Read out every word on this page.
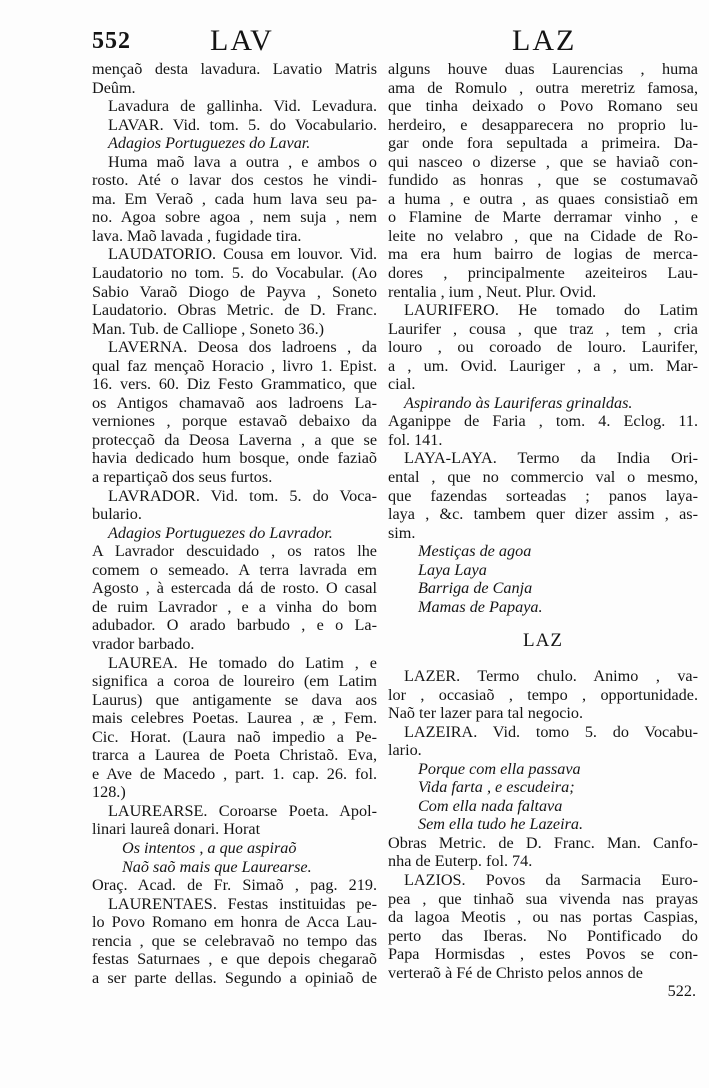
552	LAV	LAZ
mençaõ desta lavadura. Lavatio Matris
Deûm.
Lavadura de gallinha. Vid. Levadura.
LAVAR. Vid. tom. 5. do Vocabulario.
Adagios Portuguezes do Lavar.
Huma maõ lava a outra , e ambos o
rosto. Até o lavar dos cestos he vindi-
ma. Em Veraõ , cada hum lava seu pa-
no. Agoa sobre agoa , nem suja , nem
lava. Maõ lavada , fugidade tira.
LAUDATORIO. Cousa em louvor. Vid.
Laudatorio no tom. 5. do Vocabular. (Ao
Sabio Varaõ Diogo de Payva , Soneto
Laudatorio. Obras Metric. de D. Franc.
Man. Tub. de Calliope , Soneto 36.)
LAVERNA. Deosa dos ladroens , da
qual faz mençaõ Horacio , livro 1. Epist.
16. vers. 60. Diz Festo Grammatico, que
os Antigos chamavaõ aos ladroens La-
verniones , porque estavaõ debaixo da
protecçaõ da Deosa Laverna , a que se
havia dedicado hum bosque, onde faziaõ
a repartiçaõ dos seus furtos.
LAVRADOR. Vid. tom. 5. do Voca-
bulario.
Adagios Portuguezes do Lavrador.
A Lavrador descuidado , os ratos lhe
comem o semeado. A terra lavrada em
Agosto , à estercada dá de rosto. O casal
de ruim Lavrador , e a vinha do bom
adubador. O arado barbudo , e o La-
vrador barbado.
LAUREA. He tomado do Latim , e
significa a coroa de loureiro (em Latim
Laurus) que antigamente se dava aos
mais celebres Poetas. Laurea , æ , Fem.
Cic. Horat. (Laura naõ impedio a Pe-
trarca a Laurea de Poeta Christaõ. Eva,
e Ave de Macedo , part. 1. cap. 26. fol.
128.)
LAUREARSE. Coroarse Poeta. Apol-
linari laureâ donari. Horat
Os intentos , a que aspiraõ
Naõ saõ mais que Laurearse.
Oraç. Acad. de Fr. Simaõ , pag. 219.
LAURENTAES. Festas instituidas pe-
lo Povo Romano em honra de Acca Lau-
rencia , que se celebravaõ no tempo das
festas Saturnaes , e que depois chegaraõ
a ser parte dellas. Segundo a opiniaõ de
alguns houve duas Laurencias , huma
ama de Romulo , outra meretriz famosa,
que tinha deixado o Povo Romano seu
herdeiro, e desapparecera no proprio lu-
gar onde fora sepultada a primeira. Da-
qui nasceo o dizerse , que se haviaõ con-
fundido as honras , que se costumavaõ
a huma , e outra , as quaes consistiaõ em
o Flamine de Marte derramar vinho , e
leite no velabro , que na Cidade de Ro-
ma era hum bairro de logias de merca-
dores , principalmente azeiteiros Lau-
rentalia , ium , Neut. Plur. Ovid.
LAURIFERO. He tomado do Latim
Laurifer , cousa , que traz , tem , cria
louro , ou coroado de louro. Laurifer,
a , um. Ovid. Lauriger , a , um. Mar-
cial.
Aspirando às Lauriferas grinaldas.
Aganippe de Faria , tom. 4. Eclog. 11.
fol. 141.
LAYA-LAYA. Termo da India Ori-
ental , que no commercio val o mesmo,
que fazendas sorteadas ; panos laya-
laya , &c. tambem quer dizer assim , as-
sim.
Mestiças de agoa
Laya Laya
Barriga de Canja
Mamas de Papaya.
LAZ
LAZER. Termo chulo. Animo , va-
lor , occasiaõ , tempo , opportunidade.
Naõ ter lazer para tal negocio.
LAZEIRA. Vid. tomo 5. do Vocabu-
lario.
Porque com ella passava
Vida farta , e escudeira;
Com ella nada faltava
Sem ella tudo he Lazeira.
Obras Metric. de D. Franc. Man. Canfo-
nha de Euterp. fol. 74.
LAZIOS. Povos da Sarmacia Euro-
pea , que tinhaõ sua vivenda nas prayas
da lagoa Meotis , ou nas portas Caspias,
perto das Iberas. No Pontificado do
Papa Hormisdas , estes Povos se con-
verteraõ à Fé de Christo pelos annos de
522.
